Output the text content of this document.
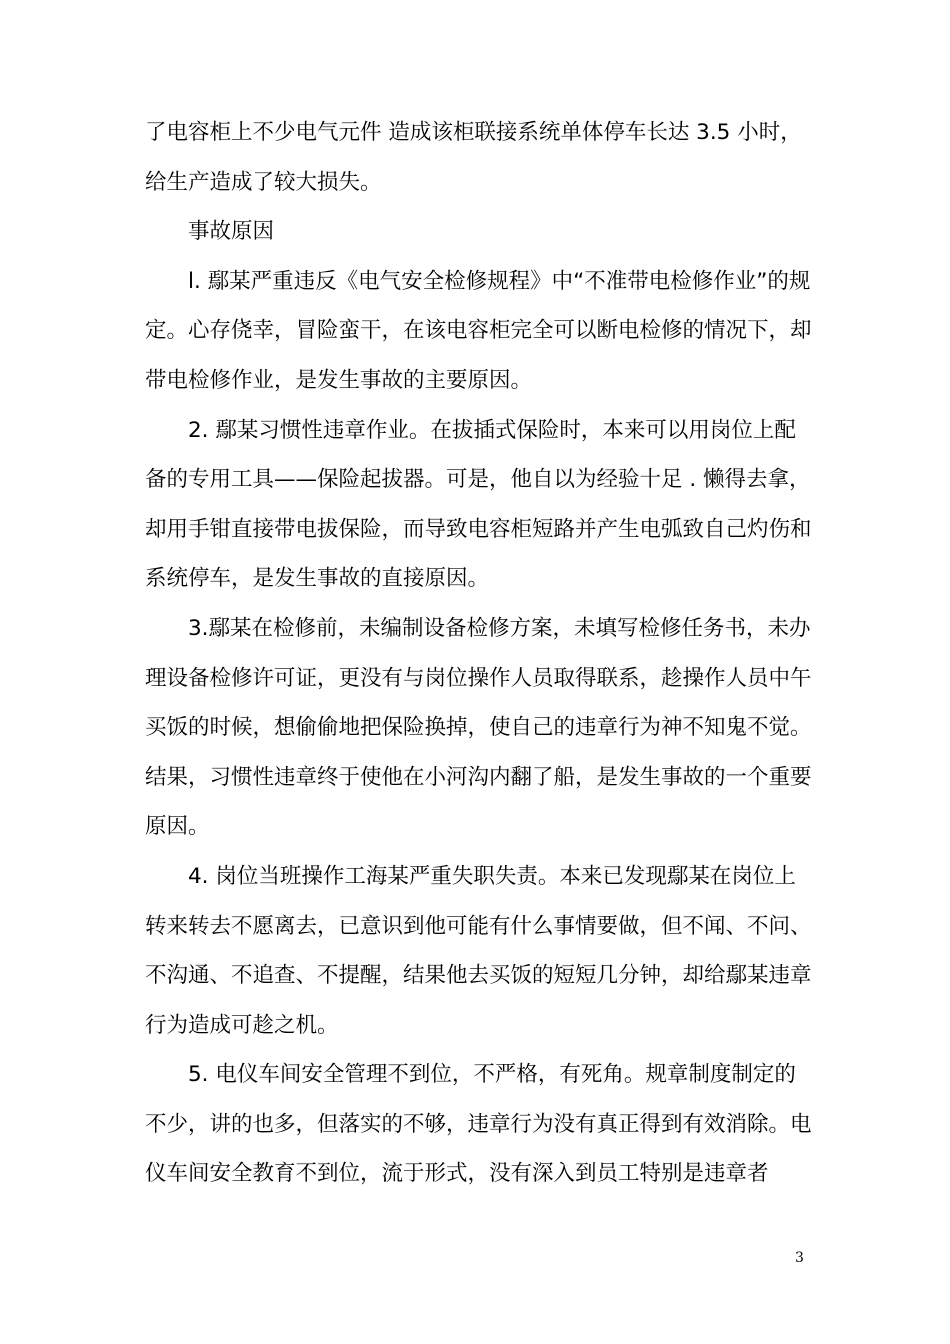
了电容柜上不少电气元件 造成该柜联接系统单体停车长达 3.5 小时，给生产造成了较大损失。

事故原因

l. 鄢某严重违反《电气安全检修规程》中“不准带电检修作业”的规定。心存侥幸，冒险蛮干，在该电容柜完全可以断电检修的情况下，却带电检修作业，是发生事故的主要原因。

2. 鄢某习惯性违章作业。在拔插式保险时，本来可以用岗位上配备的专用工具——保险起拔器。可是，他自以为经验十足 . 懒得去拿，却用手钳直接带电拔保险，而导致电容柜短路并产生电弧致自己灼伤和系统停车，是发生事故的直接原因。

3.鄢某在检修前，未编制设备检修方案，未填写检修任务书，未办理设备检修许可证，更没有与岗位操作人员取得联系，趁操作人员中午买饭的时候，想偷偷地把保险换掉，使自己的违章行为神不知鬼不觉。结果，习惯性违章终于使他在小河沟内翻了船，是发生事故的一个重要原因。

4. 岗位当班操作工海某严重失职失责。本来已发现鄢某在岗位上转来转去不愿离去，已意识到他可能有什么事情要做，但不闻、不问、不沟通、不追查、不提醒，结果他去买饭的短短几分钟，却给鄢某违章行为造成可趁之机。

5. 电仪车间安全管理不到位，不严格，有死角。规章制度制定的不少，讲的也多，但落实的不够，违章行为没有真正得到有效消除。电仪车间安全教育不到位，流于形式，没有深入到员工特别是违章者

3
